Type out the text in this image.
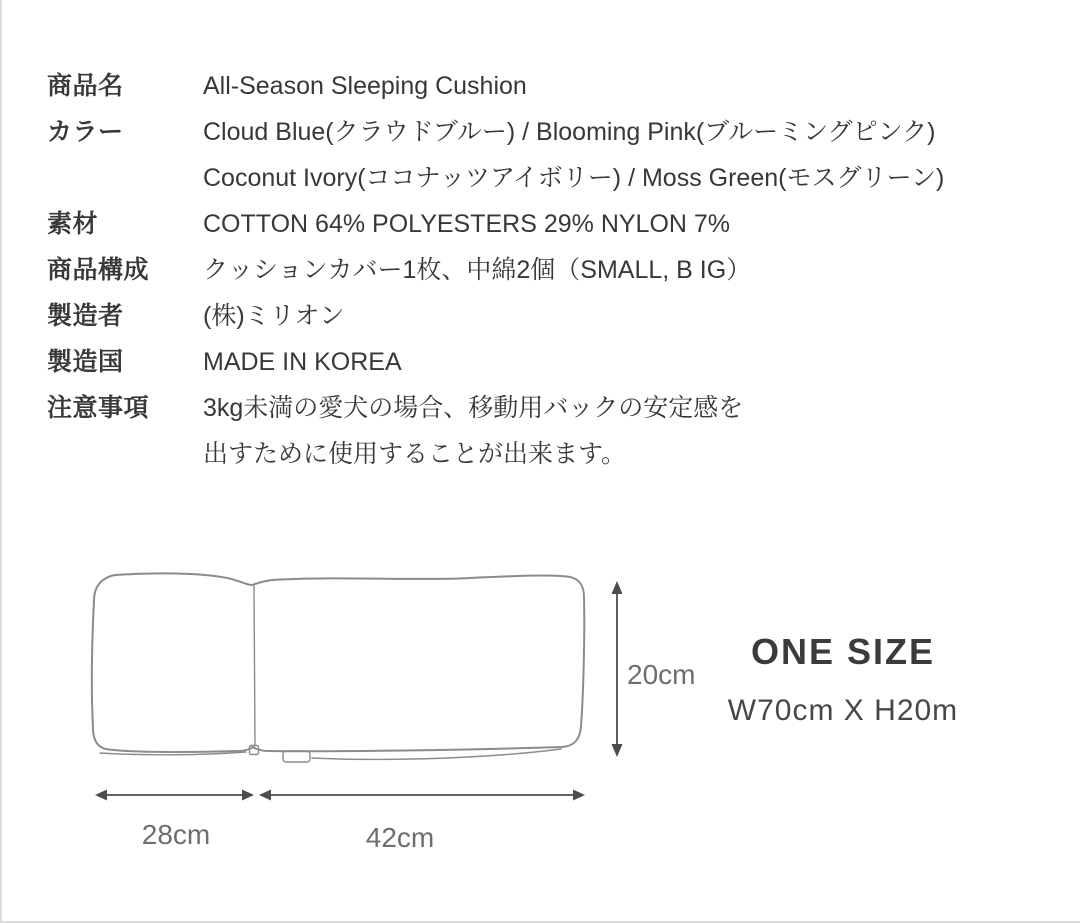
商品名	All-Season Sleeping Cushion
カラー	Cloud Blue(クラウドブルー) / Blooming Pink(ブルーミングピンク)
Coconut Ivory(ココナッツアイボリー) / Moss Green(モスグリーン)
素材	COTTON 64% POLYESTERS 29% NYLON 7%
商品構成	クッションカバー1枚、中綿2個（SMALL, B IG）
製造者	(株)ミリオン
製造国	MADE IN KOREA
注意事項	3kg未満の愛犬の場合、移動用バックの安定感を
出すために使用することが出来ます。
20cm
28cm	42cm
ONE SIZE
W70cm X H20m
